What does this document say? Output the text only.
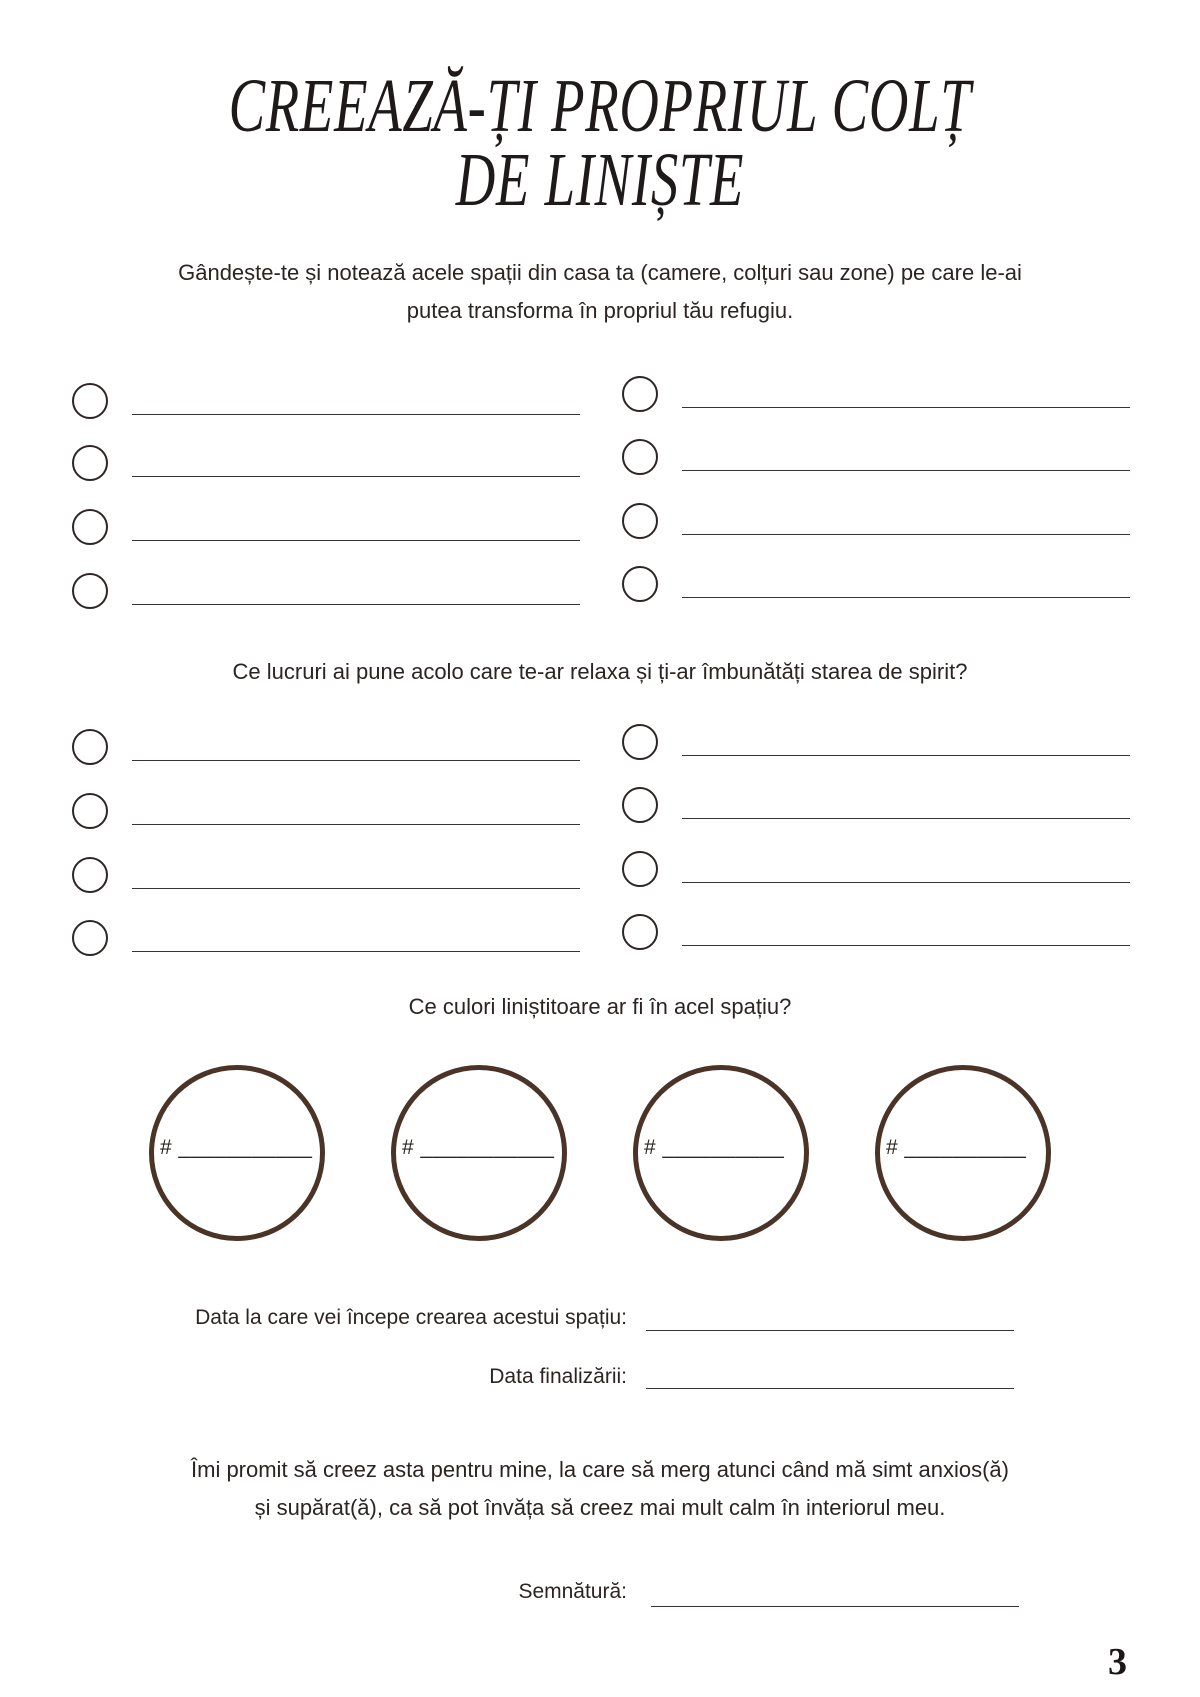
CREEAZĂ-ȚI PROPRIUL COLȚ
DE LINIȘTE
Gândește-te și notează acele spații din casa ta (camere, colțuri sau zone) pe care le-ai
putea transforma în propriul tău refugiu.
Ce lucruri ai pune acolo care te-ar relaxa și ți-ar îmbunătăți starea de spirit?
Ce culori liniștitoare ar fi în acel spațiu?
# ___________	# ___________	# __________	# __________
Data la care vei începe crearea acestui spațiu:
Data finalizării:
Îmi promit să creez asta pentru mine, la care să merg atunci când mă simt anxios(ă)
și supărat(ă), ca să pot învăța să creez mai mult calm în interiorul meu.
Semnătură:
3
